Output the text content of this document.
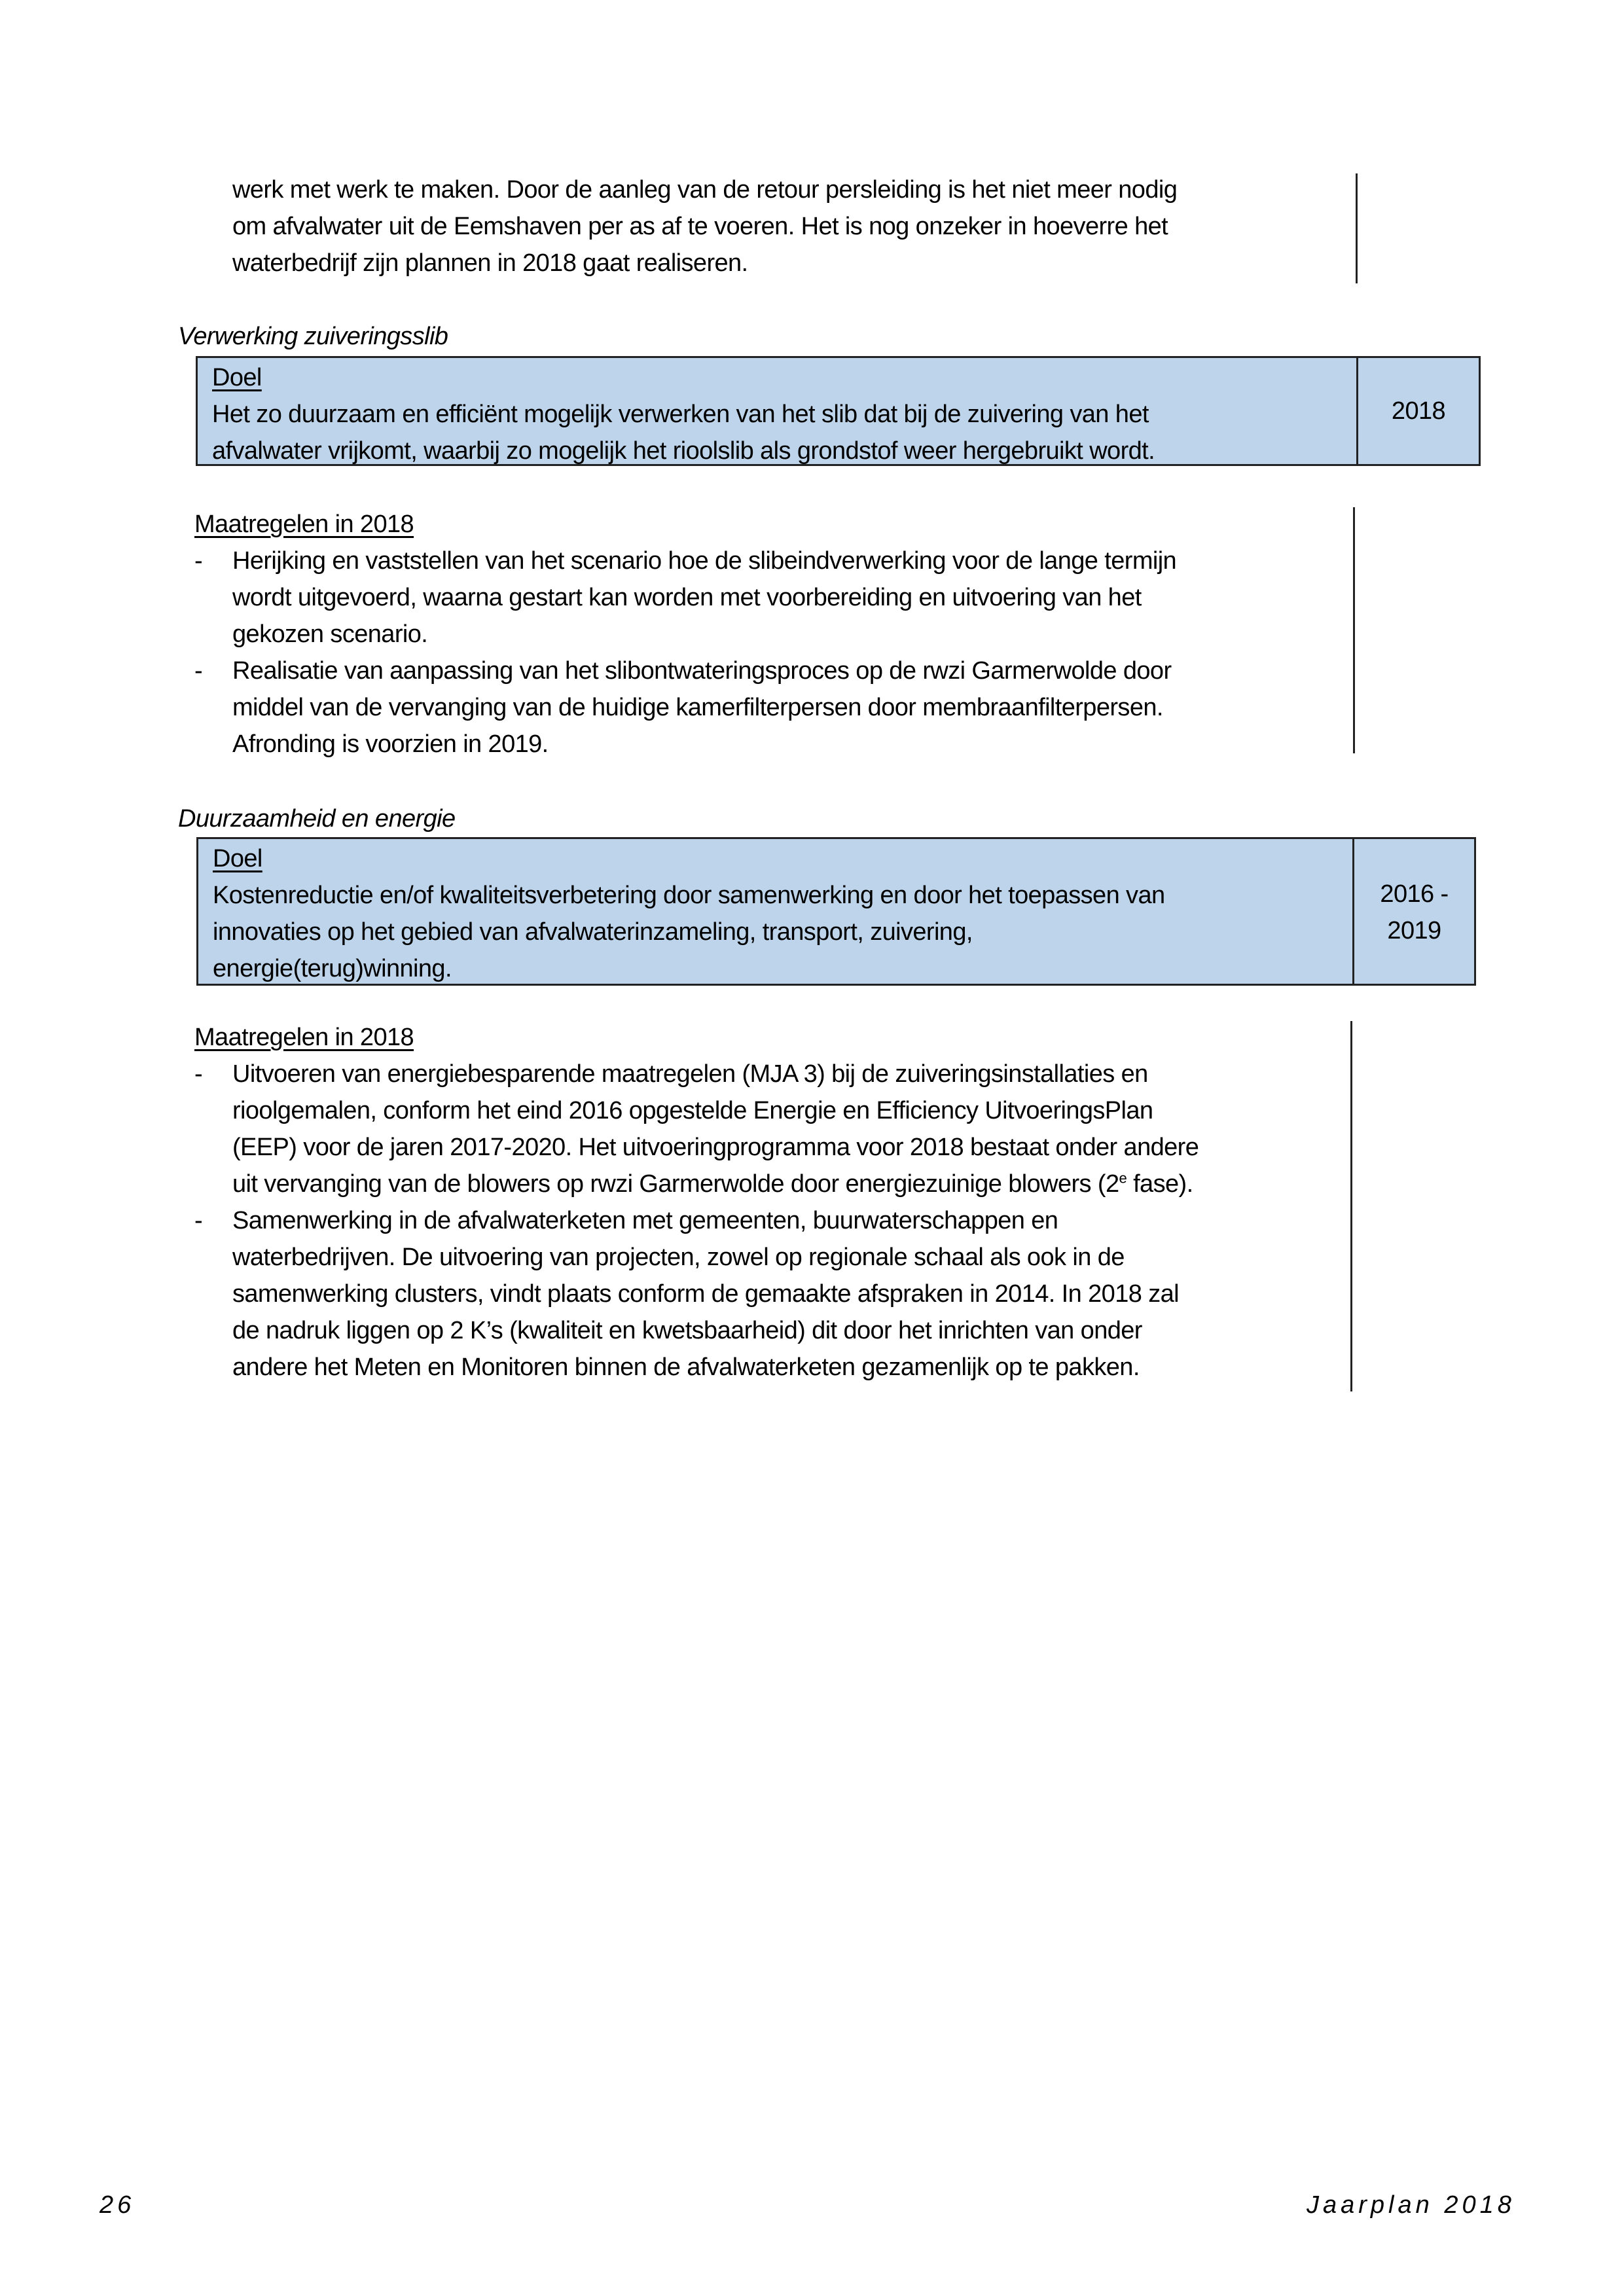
werk met werk te maken. Door de aanleg van de retour persleiding is het niet meer nodig
om afvalwater uit de Eemshaven per as af te voeren. Het is nog onzeker in hoeverre het
waterbedrijf zijn plannen in 2018 gaat realiseren.
Verwerking zuiveringsslib
Doel
Het zo duurzaam en efficiënt mogelijk verwerken van het slib dat bij de zuivering van het
afvalwater vrijkomt, waarbij zo mogelijk het rioolslib als grondstof weer hergebruikt wordt.
2018
Maatregelen in 2018
- Herijking en vaststellen van het scenario hoe de slibeindverwerking voor de lange termijn
wordt uitgevoerd, waarna gestart kan worden met voorbereiding en uitvoering van het
gekozen scenario.
- Realisatie van aanpassing van het slibontwateringsproces op de rwzi Garmerwolde door
middel van de vervanging van de huidige kamerfilterpersen door membraanfilterpersen.
Afronding is voorzien in 2019.
Duurzaamheid en energie
Doel
Kostenreductie en/of kwaliteitsverbetering door samenwerking en door het toepassen van
innovaties op het gebied van afvalwaterinzameling, transport, zuivering,
energie(terug)winning.
2016 -
2019
Maatregelen in 2018
- Uitvoeren van energiebesparende maatregelen (MJA 3) bij de zuiveringsinstallaties en
rioolgemalen, conform het eind 2016 opgestelde Energie en Efficiency UitvoeringsPlan
(EEP) voor de jaren 2017-2020. Het uitvoeringprogramma voor 2018 bestaat onder andere
uit vervanging van de blowers op rwzi Garmerwolde door energiezuinige blowers (2e fase).
- Samenwerking in de afvalwaterketen met gemeenten, buurwaterschappen en
waterbedrijven. De uitvoering van projecten, zowel op regionale schaal als ook in de
samenwerking clusters, vindt plaats conform de gemaakte afspraken in 2014. In 2018 zal
de nadruk liggen op 2 K’s (kwaliteit en kwetsbaarheid) dit door het inrichten van onder
andere het Meten en Monitoren binnen de afvalwaterketen gezamenlijk op te pakken.
26	Jaarplan 2018
